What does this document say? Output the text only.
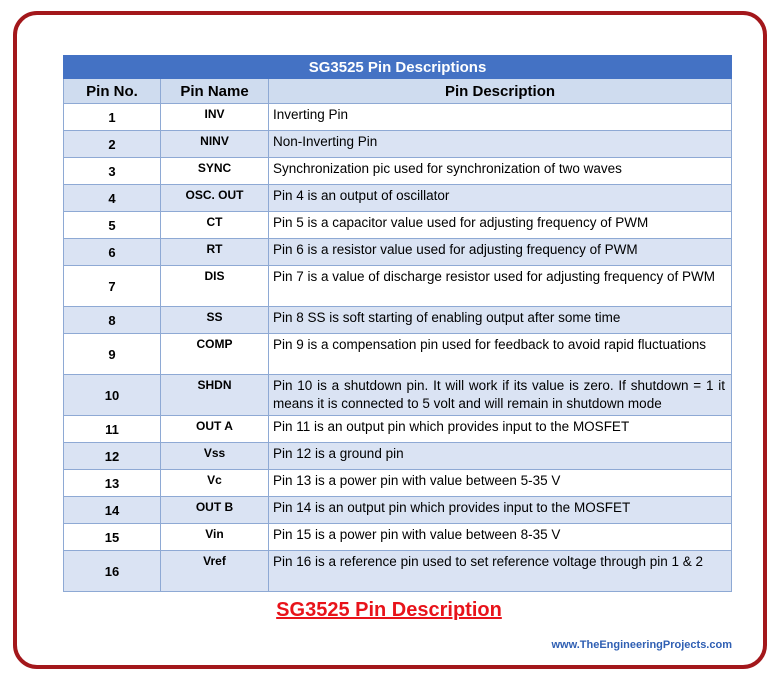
SG3525 Pin Descriptions		
Pin No.	Pin Name	Pin Description
1	INV	Inverting Pin
2	NINV	Non-Inverting Pin
3	SYNC	Synchronization pic used for synchronization of two waves
4	OSC. OUT	Pin 4 is an output of oscillator
5	CT	Pin 5 is a capacitor value used for adjusting frequency of PWM
6	RT	Pin 6 is a resistor value used for adjusting frequency of PWM
7	DIS	Pin 7 is a value of discharge resistor used for adjusting frequency of PWM
8	SS	Pin 8 SS is soft starting of enabling output after some time
9	COMP	Pin 9 is a compensation pin used for feedback to avoid rapid fluctuations
10	SHDN	Pin 10 is a shutdown pin. It will work if its value is zero. If shutdown = 1 it means it is connected to 5 volt and will remain in shutdown mode
11	OUT A	Pin 11 is an output pin which provides input to the MOSFET
12	Vss	Pin 12 is a ground pin
13	Vc	Pin 13 is a power pin with value between 5-35 V
14	OUT B	Pin 14 is an output pin which provides input to the MOSFET
15	Vin	Pin 15 is a power pin with value between 8-35 V
16	Vref	Pin 16 is a reference pin used to set reference voltage through pin 1 & 2
SG3525 Pin Description
www.TheEngineeringProjects.com
